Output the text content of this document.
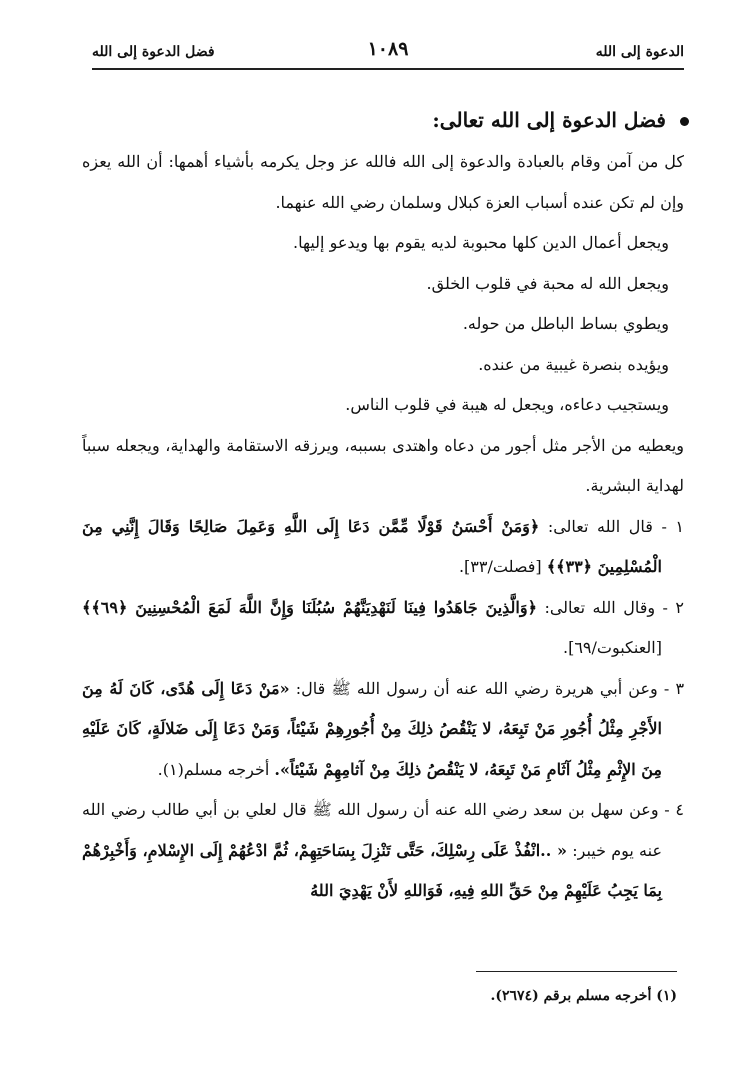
الدعوة إلى الله
١٠٨٩
فضل الدعوة إلى الله

فضل الدعوة إلى الله تعالى:

كل من آمن وقام بالعبادة والدعوة إلى الله فالله عز وجل يكرمه بأشياء أهمها: أن الله يعزه وإن لم تكن عنده أسباب العزة كبلال وسلمان رضي الله عنهما.

ويجعل أعمال الدين كلها محبوبة لديه يقوم بها ويدعو إليها.

ويجعل الله له محبة في قلوب الخلق.

ويطوي بساط الباطل من حوله.

ويؤيده بنصرة غيبية من عنده.

ويستجيب دعاءه، ويجعل له هيبة في قلوب الناس.

ويعطيه من الأجر مثل أجور من دعاه واهتدى بسببه، ويرزقه الاستقامة والهداية، ويجعله سبباً لهداية البشرية.

١ - قال الله تعالى: ﴿وَمَنْ أَحْسَنُ قَوْلًا مِّمَّن دَعَا إِلَى اللَّهِ وَعَمِلَ صَالِحًا وَقَالَ إِنَّنِي مِنَ الْمُسْلِمِينَ ﴿٣٣﴾﴾ [فصلت/٣٣].

٢ - وقال الله تعالى: ﴿وَالَّذِينَ جَاهَدُوا فِينَا لَنَهْدِيَنَّهُمْ سُبُلَنَا وَإِنَّ اللَّهَ لَمَعَ الْمُحْسِنِينَ ﴿٦٩﴾﴾ [العنكبوت/٦٩].

٣ - وعن أبي هريرة رضي الله عنه أن رسول الله ﷺ قال: «مَنْ دَعَا إِلَى هُدًى، كَانَ لَهُ مِنَ الأَجْرِ مِثْلُ أُجُورِ مَنْ تَبِعَهُ، لا يَنْقُصُ ذلِكَ مِنْ أُجُورِهِمْ شَيْئاً، وَمَنْ دَعَا إِلَى ضَلالَةٍ، كَانَ عَلَيْهِ مِنَ الإِثْمِ مِثْلُ آثَامِ مَنْ تَبِعَهُ، لا يَنْقُصُ ذلِكَ مِنْ آثامِهِمْ شَيْئاً». أخرجه مسلم(١).

٤ - وعن سهل بن سعد رضي الله عنه أن رسول الله ﷺ قال لعلي بن أبي طالب رضي الله عنه يوم خيبر: « ..انْفُذْ عَلَى رِسْلِكَ، حَتَّى تَنْزِلَ بِسَاحَتِهِمْ، ثُمَّ ادْعُهُمْ إِلَى الإِسْلامِ، وَأَخْبِرْهُمْ بِمَا يَجِبُ عَلَيْهِمْ مِنْ حَقِّ اللهِ فِيهِ، فَوَاللهِ لأَنْ يَهْدِيَ اللهُ

(١) أخرجه مسلم برقم (٢٦٧٤).
